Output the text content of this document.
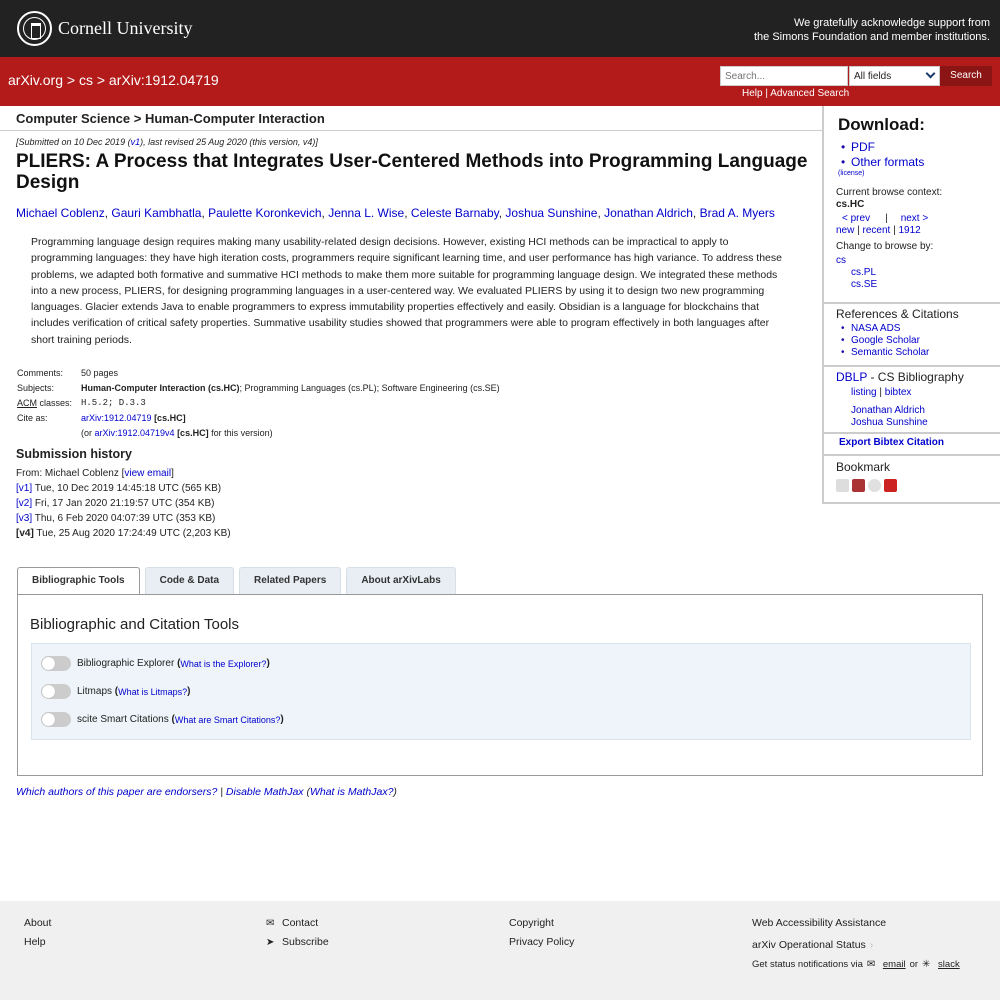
Cornell University	We gratefully acknowledge support from
the Simons Foundation and member institutions.
arXiv.org > cs > arXiv:1912.04719
Search...	All fields	Search
Help | Advanced Search
Computer Science > Human-Computer Interaction
[Submitted on 10 Dec 2019 (v1), last revised 25 Aug 2020 (this version, v4)]
PLIERS: A Process that Integrates User-Centered Methods into Programming Language Design
Michael Coblenz, Gauri Kambhatla, Paulette Koronkevich, Jenna L. Wise, Celeste Barnaby, Joshua Sunshine, Jonathan Aldrich, Brad A. Myers

Programming language design requires making many usability-related design decisions. However, existing HCI methods can be impractical to apply to programming languages: they have high iteration costs, programmers require significant learning time, and user performance has high variance. To address these problems, we adapted both formative and summative HCI methods to make them more suitable for programming language design. We integrated these methods into a new process, PLIERS, for designing programming languages in a user-centered way. We evaluated PLIERS by using it to design two new programming languages. Glacier extends Java to enable programmers to express immutability properties effectively and easily. Obsidian is a language for blockchains that includes verification of critical safety properties. Summative usability studies showed that programmers were able to program effectively in both languages after short training periods.

Comments:	50 pages
Subjects:	Human-Computer Interaction (cs.HC); Programming Languages (cs.PL); Software Engineering (cs.SE)
ACM classes: H.5.2; D.3.3
Cite as:	arXiv:1912.04719 [cs.HC]
(or arXiv:1912.04719v4 [cs.HC] for this version)
Submission history
From: Michael Coblenz [view email]
[v1] Tue, 10 Dec 2019 14:45:18 UTC (565 KB)
[v2] Fri, 17 Jan 2020 21:19:57 UTC (354 KB)
[v3] Thu, 6 Feb 2020 04:07:39 UTC (353 KB)
[v4] Tue, 25 Aug 2020 17:24:49 UTC (2,203 KB)
Download:
• PDF
• Other formats
(license)
Current browse context:
cs.HC
< prev | next >
new | recent | 1912
Change to browse by:
cs
cs.PL
cs.SE
References & Citations
• NASA ADS
• Google Scholar
• Semantic Scholar
DBLP - CS Bibliography
listing | bibtex
Jonathan Aldrich
Joshua Sunshine
Export Bibtex Citation
Bookmark
Bibliographic Tools	Code & Data	Related Papers	About arXivLabs
Bibliographic and Citation Tools
Bibliographic Explorer
( What is the Explorer? )
Litmaps
( What is Litmaps? )
scite Smart Citations
( What are Smart Citations? )
Which authors of this paper are endorsers? | Disable MathJax (What is MathJax?)
About
Help
✉ Contact
➤ Subscribe
Copyright
Privacy Policy
Web Accessibility Assistance
arXiv Operational Status ›
Get status notifications via ✉ email or ✳ slack
